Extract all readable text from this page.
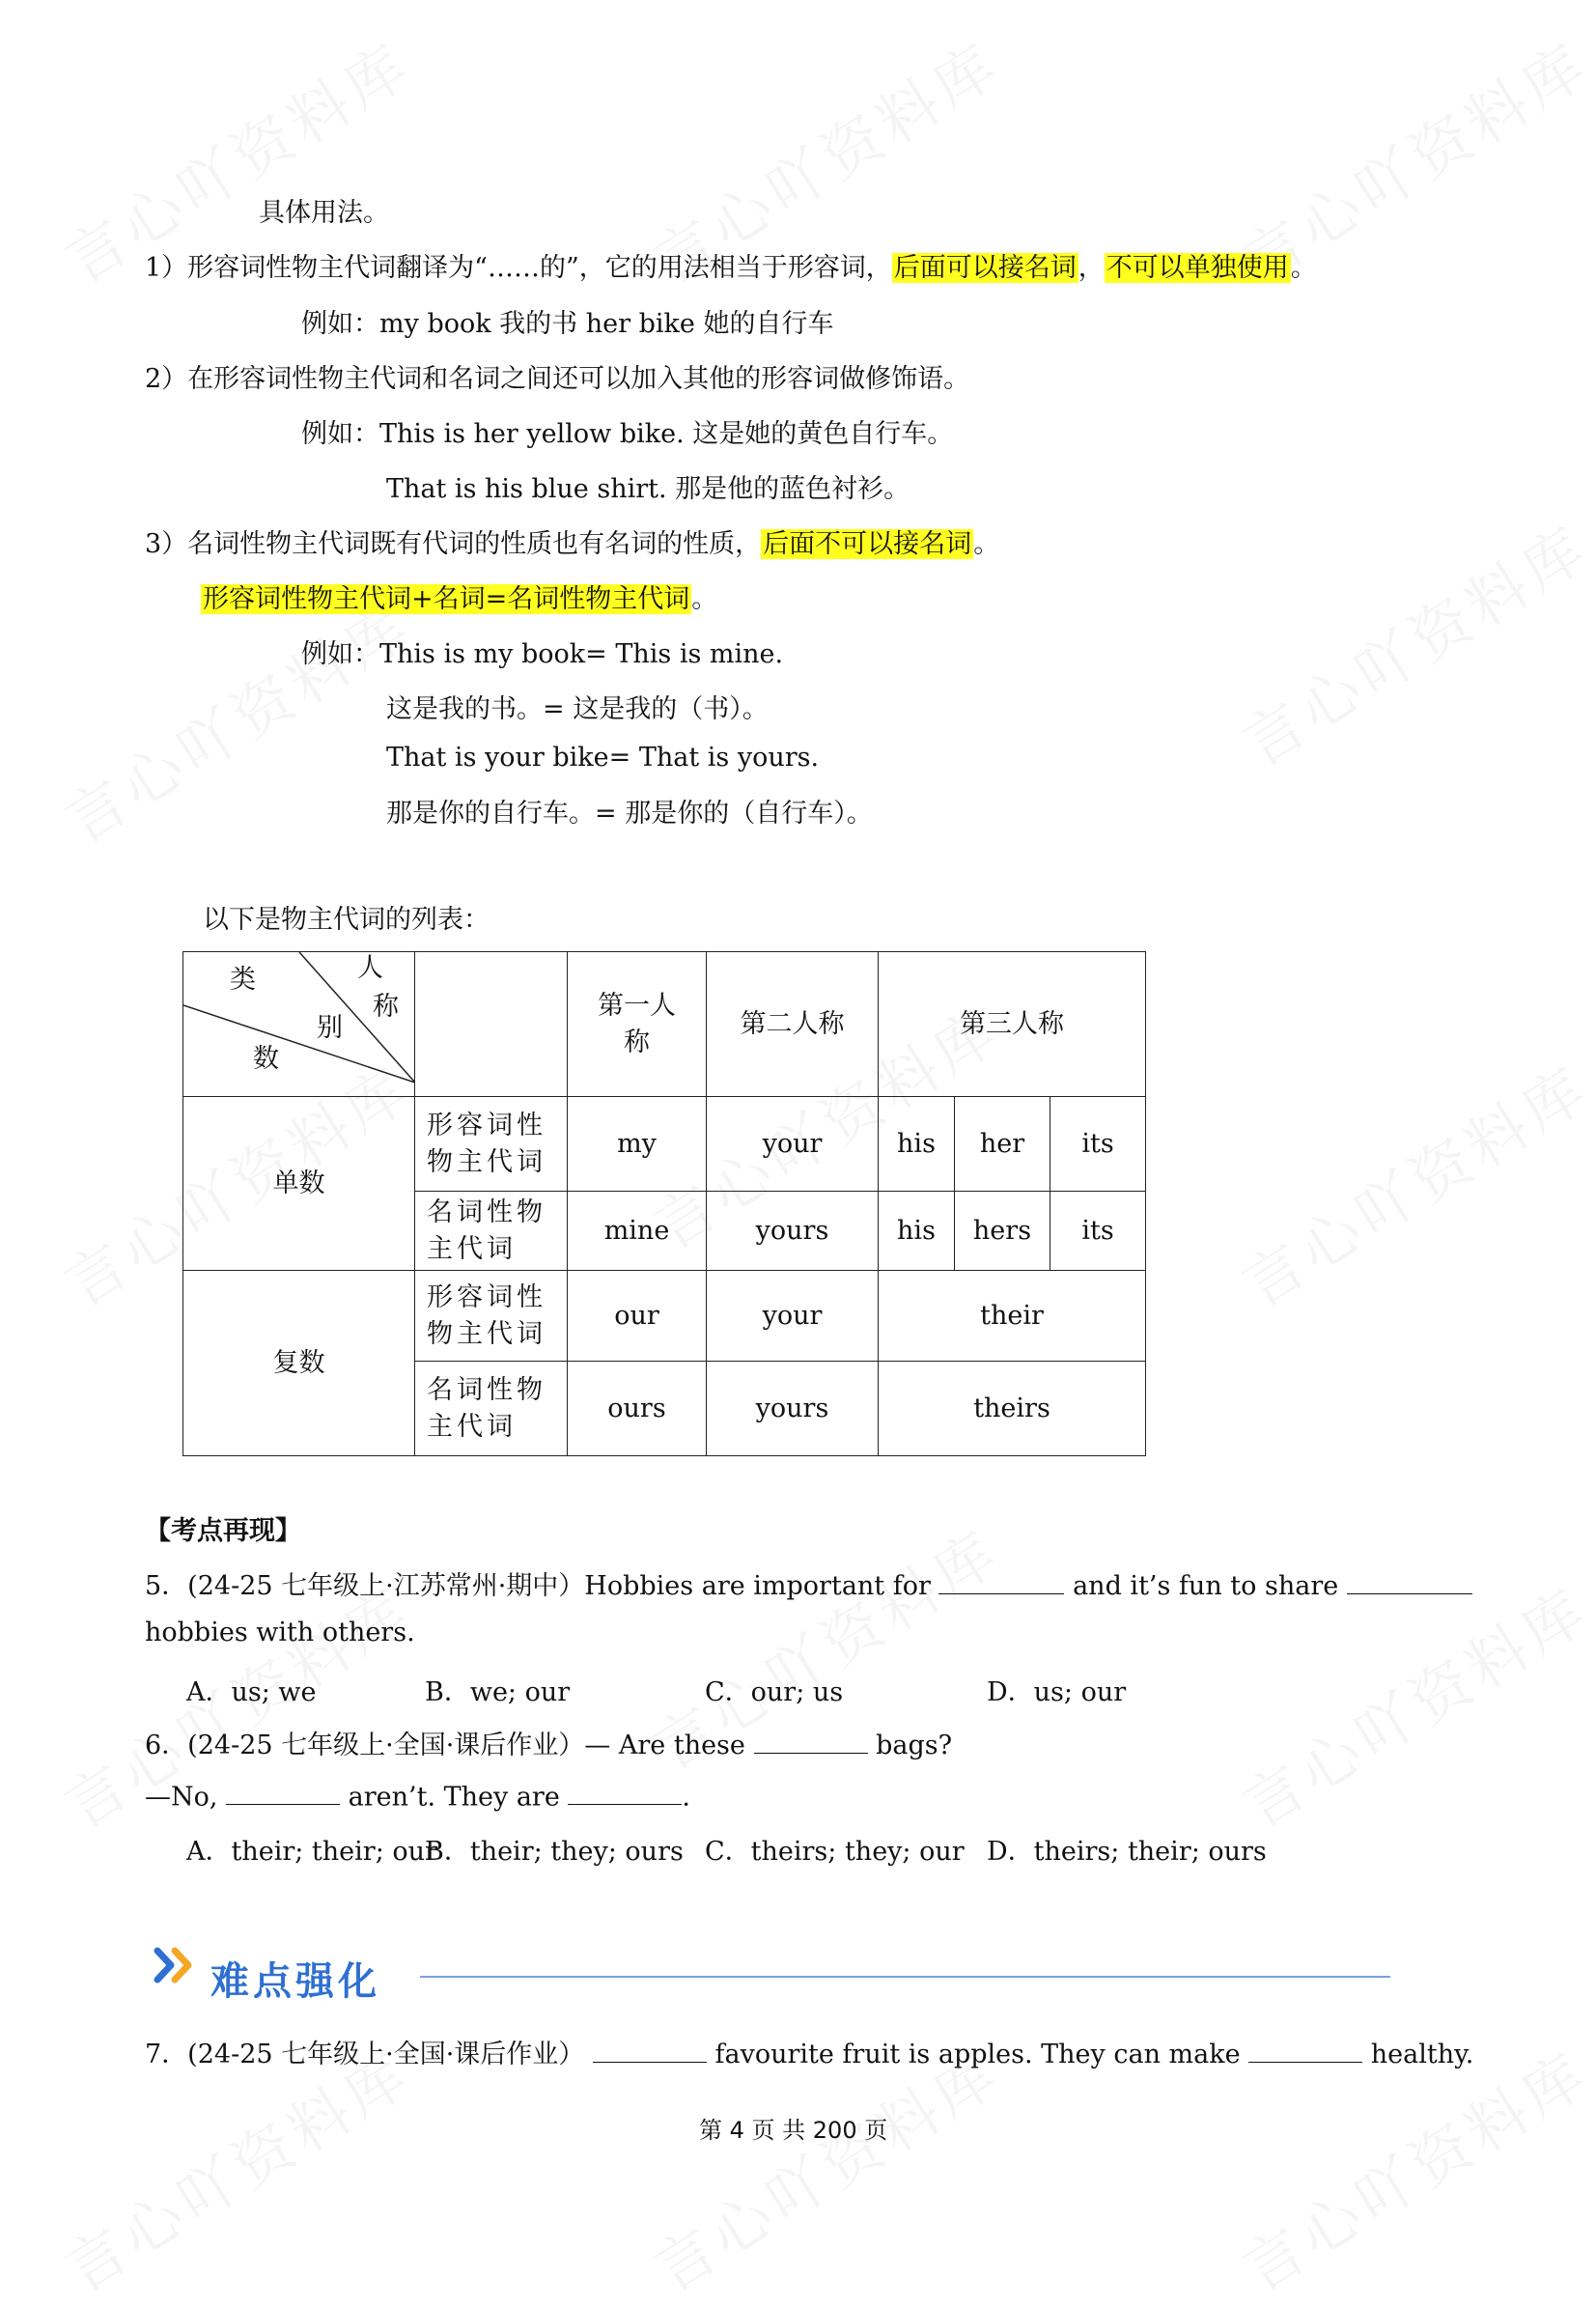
具体用法。
1）形容词性物主代词翻译为“……的”，它的用法相当于形容词，后面可以接名词，不可以单独使用。
例如：my book 我的书 her bike 她的自行车
2）在形容词性物主代词和名词之间还可以加入其他的形容词做修饰语。
例如：This is her yellow bike. 这是她的黄色自行车。
That is his blue shirt. 那是他的蓝色衬衫。
3）名词性物主代词既有代词的性质也有名词的性质，后面不可以接名词。
形容词性物主代词+名词=名词性物主代词。
例如：This is my book= This is mine.
这是我的书。= 这是我的（书）。
That is your bike= That is yours.
那是你的自行车。= 那是你的（自行车）。
以下是物主代词的列表：
类 人
称
别
数		第一人称	第二人称	第三人称		
单数	形容词性物主代词	my	your	his	her	its

	名词性物主代词	mine	yours	his	hers	its
复数	形容词性物主代词	our	your	their		

	名词性物主代词	ours	yours	theirs		
【考点再现】
5．(24-25 七年级上·江苏常州·期中）Hobbies are important for	and it’s fun to share
hobbies with others.
A．us; we	B．we; our	C．our; us	D．us; our
6．(24-25 七年级上·全国·课后作业）— Are these	bags?
—No,	aren’t. They are	.
A．their; their; our
B．their; they; ours C．theirs; they; our D．theirs; their; ours
难点强化
7．(24-25 七年级上·全国·课后作业）	favourite fruit is apples. They can make	healthy.
第 4 页 共 200 页
